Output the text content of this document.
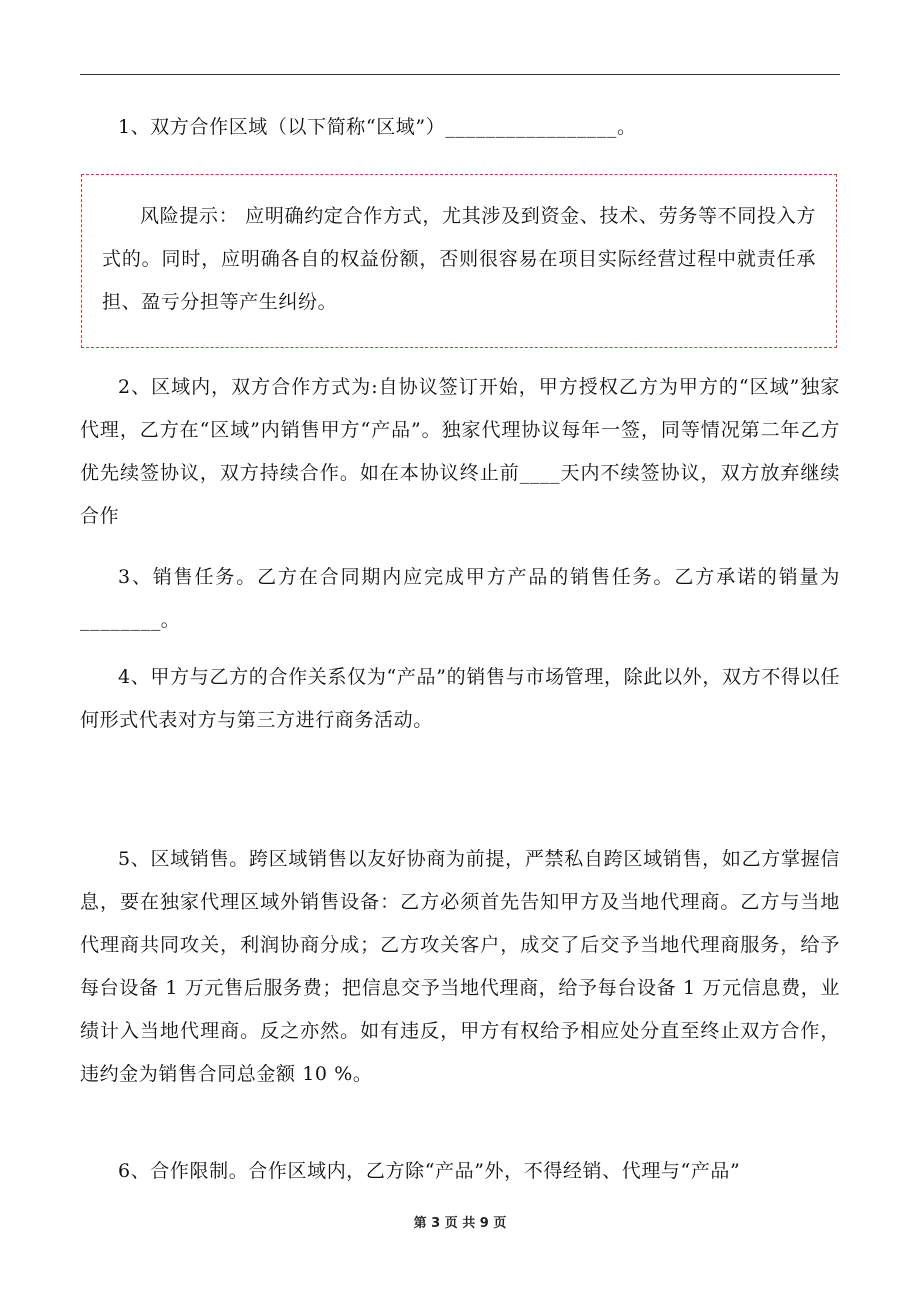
1、双方合作区域（以下简称“区域”）_________________。

风险提示： 应明确约定合作方式，尤其涉及到资金、技术、劳务等不同投入方式的。同时，应明确各自的权益份额，否则很容易在项目实际经营过程中就责任承担、盈亏分担等产生纠纷。

2、区域内，双方合作方式为:自协议签订开始，甲方授权乙方为甲方的“区域”独家代理，乙方在“区域”内销售甲方“产品”。独家代理协议每年一签，同等情况第二年乙方优先续签协议，双方持续合作。如在本协议终止前____天内不续签协议，双方放弃继续合作

3、销售任务。乙方在合同期内应完成甲方产品的销售任务。乙方承诺的销量为________。

4、甲方与乙方的合作关系仅为“产品”的销售与市场管理，除此以外，双方不得以任何形式代表对方与第三方进行商务活动。

5、区域销售。跨区域销售以友好协商为前提，严禁私自跨区域销售，如乙方掌握信息，要在独家代理区域外销售设备：乙方必须首先告知甲方及当地代理商。乙方与当地代理商共同攻关，利润协商分成；乙方攻关客户，成交了后交予当地代理商服务，给予每台设备 1 万元售后服务费；把信息交予当地代理商，给予每台设备 1 万元信息费，业绩计入当地代理商。反之亦然。如有违反，甲方有权给予相应处分直至终止双方合作，违约金为销售合同总金额 10 %。

6、合作限制。合作区域内，乙方除“产品”外，不得经销、代理与“产品”

第 3 页 共 9 页
